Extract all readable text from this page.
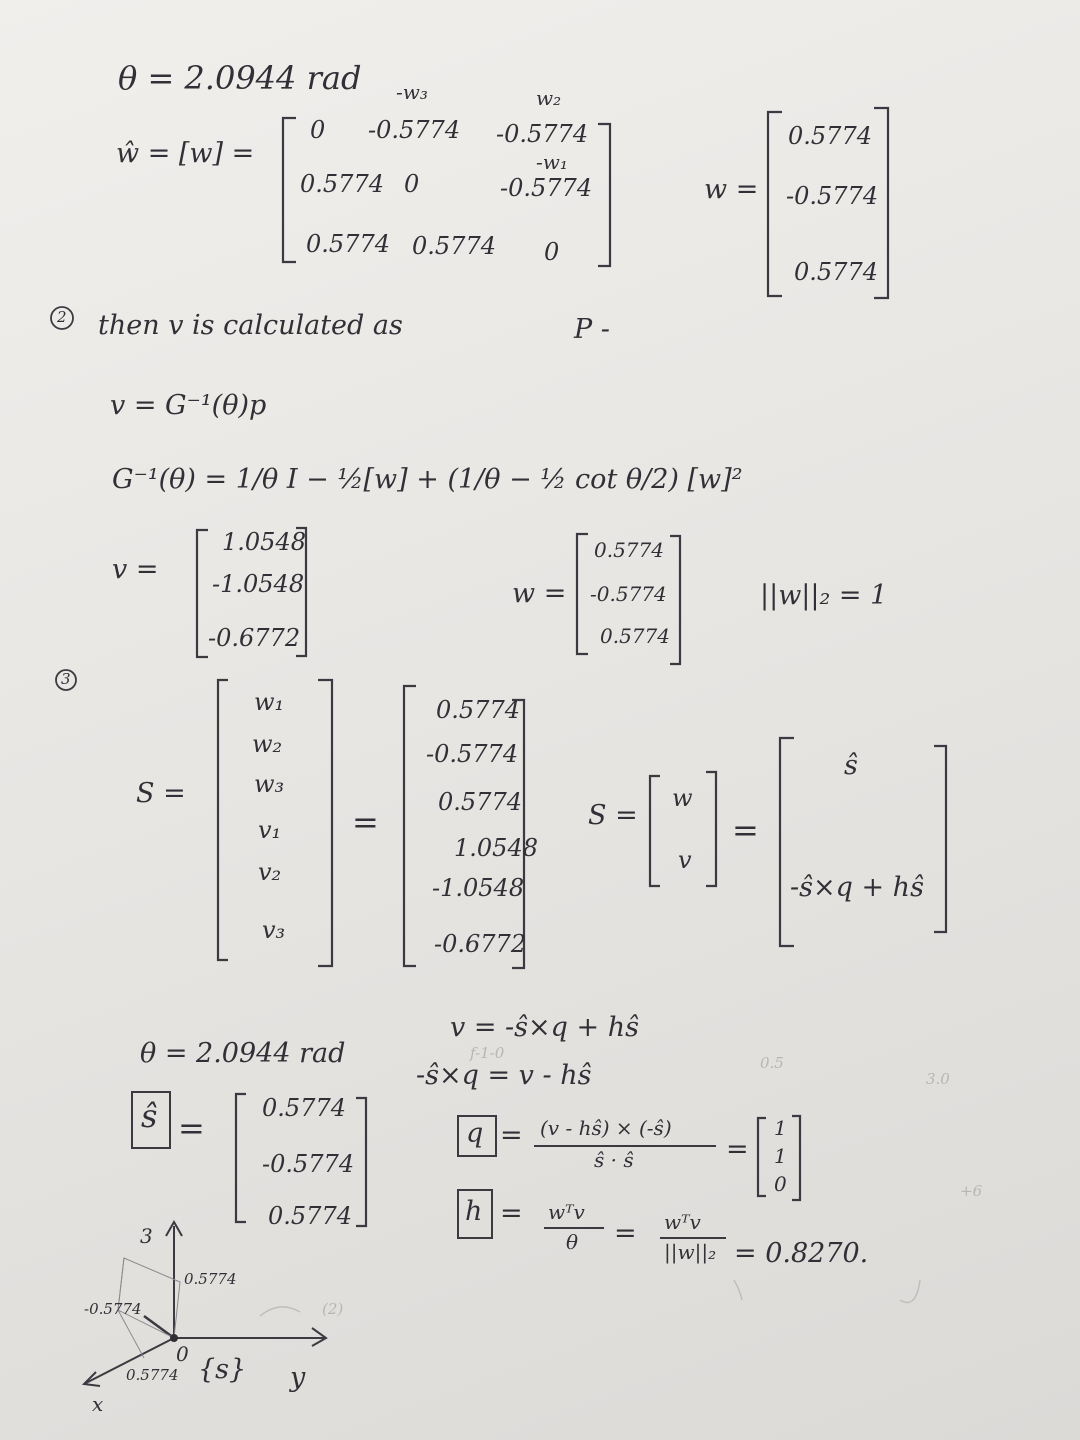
θ = 2.0944 rad
ŵ = [w] =
-w₃	w₂
-w₁
0 -0.5774 -0.5774
0.5774 0	-0.5774
0.5774 0.5774 0
w =
0.5774
-0.5774
0.5774
2 then v is calculated as	P -
v = G⁻¹(θ)p
G⁻¹(θ) = 1/θ I − ½[w] + (1/θ − ½ cot θ/2) [w]²
v =
1.0548
-1.0548
-0.6772
w =
0.5774
-0.5774
0.5774
||w||₂ = 1
3
S =
w₁
w₂
w₃
v₁
v₂
v₃
=
0.5774
-0.5774
0.5774
1.0548
-1.0548
-0.6772
S =
w
v
=
ŝ
-ŝ×q + hŝ
v = -ŝ×q + hŝ
θ = 2.0944 rad
-ŝ×q = v - hŝ
ŝ =
0.5774
-0.5774
0.5774
q = (v - hŝ) × (-ŝ)
ŝ · ŝ	=
1
1
0
h = wᵀv
θ = wᵀv
||w||₂ = 0.8270.
3
0.5774
-0.5774
0
0.5774 {s} y
x
(2)
f-1-0
0.5
3.0
+6
